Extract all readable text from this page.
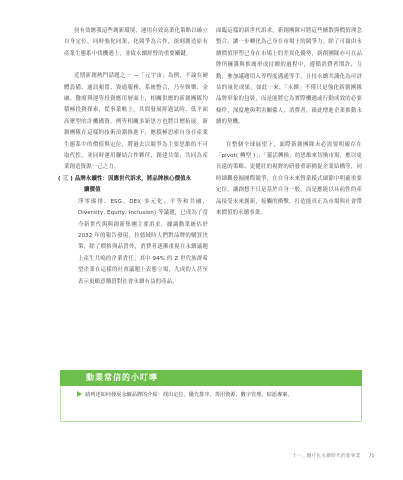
何有效應我這些創新環境，運用有效高業化策略以確立自身定位，同時強化同業，化競爭為合作，深刻創造原有產業生態系中找機遇上，並致永續經營的重要關鍵。

近期新創熱門話題之一 —「元宇宙」為例，不論在硬體設備、通訊頻寬、資通服務、系統整合，乃至娛樂、金融、醫療與運等投資應用層面上，相關供應的新創團隊均積極投資探索，從事業軌上，其間發展經過試時、低平面高聚型的計機構資，例等相關多新思方也將目標拓展。新創團隊在這樣的技術浪潮推進下，應積極思索自身在產業生態系中的價值與定位，將過去以競爭為主要思維的不可取代性，並同時運用聯結合作夥伴、創建共榮，共同為產業創造資源一己之力。

( 三 ) 品牌永續性：因應世代訴求，將品牌核心價值永
續價值

淨零碳排、ESG、DEI( 多元化、平等和共融，Diversity, Equity, Inclusion) 等議題，已成為了當今新世代與與創新集團主要訴求。據調動業統估於 2032 年的報告發現，拉德域時人們對品牌的購買決策，除了價格與品質外，消費者逐漸重視在永續議題上產生共鳴的企業責任；其中 94% 的 Z 世代族群希望企業在這樣的社會議題上表態立場，九成的人甚至表示更願意購買對社會永續有益的產品。

面臨這樣的新世代訴求，新創團隊可將這些擴散與價值理念整合，讓一步轉化為己身在市場上的競爭力。除了可藉由永續價值形塑己身在市場上的差異化優勢，新創團隊亦可在品牌所擁護與推廣形成持續的過程中，遵循消費者期許、互動，參加議題切入等程度溝通等手，且持永續共識化為可評估的量化成果。如此一來，「永續」不僅只是強化新創團隊品牌形象的包裝，而是能將它為實際機遇或行動成效的必要條件，深度地與利害關係人、消費者，藉此增進企業推動永續的契機。

在整個全球展望下，面際新創團隊未必需要明確存在「pivot( 轉型 )」、「靈活轉換」的思維來切換市場，應以更長遠的策略、更健壯的視野的研發重新捕捉企業結構等，同時細觀發掘圖際競爭，在自身未來營業模式細節中明確重要定位，讓創想不只是基於自身一般，而是應能以具前性的產品接受未來創新，接觸的衝擊，打造能真正為市場與社會帶來價值的永續事業。

動業常信的小叮嚀
請列述如何發展永續品牌的介紹：找出定位、優先排序、善用資源、數字管理、結語專案。
十一、醫疗化永續時代的新事業 75
